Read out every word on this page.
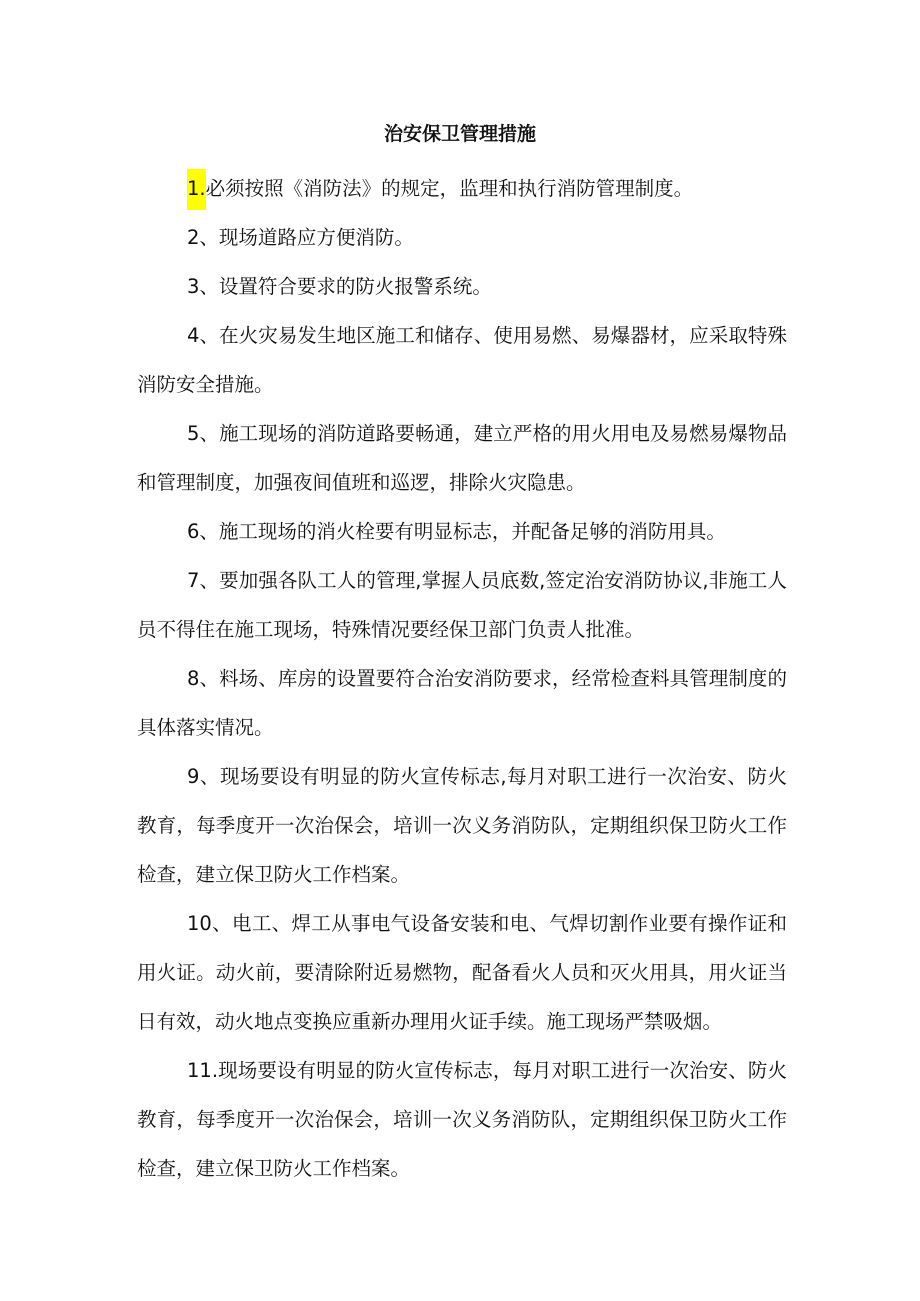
治安保卫管理措施

1.必须按照《消防法》的规定，监理和执行消防管理制度。

2、现场道路应方便消防。

3、设置符合要求的防火报警系统。

4、在火灾易发生地区施工和储存、使用易燃、易爆器材，应采取特殊消防安全措施。

5、施工现场的消防道路要畅通，建立严格的用火用电及易燃易爆物品和管理制度，加强夜间值班和巡逻，排除火灾隐患。

6、施工现场的消火栓要有明显标志，并配备足够的消防用具。

7、要加强各队工人的管理,掌握人员底数,签定治安消防协议,非施工人员不得住在施工现场，特殊情况要经保卫部门负责人批准。

8、料场、库房的设置要符合治安消防要求，经常检查料具管理制度的具体落实情况。

9、现场要设有明显的防火宣传标志,每月对职工进行一次治安、防火教育，每季度开一次治保会，培训一次义务消防队，定期组织保卫防火工作检查，建立保卫防火工作档案。

10、电工、焊工从事电气设备安装和电、气焊切割作业要有操作证和用火证。动火前，要清除附近易燃物，配备看火人员和灭火用具，用火证当日有效，动火地点变换应重新办理用火证手续。施工现场严禁吸烟。

11.现场要设有明显的防火宣传标志，每月对职工进行一次治安、防火教育，每季度开一次治保会，培训一次义务消防队，定期组织保卫防火工作检查，建立保卫防火工作档案。
